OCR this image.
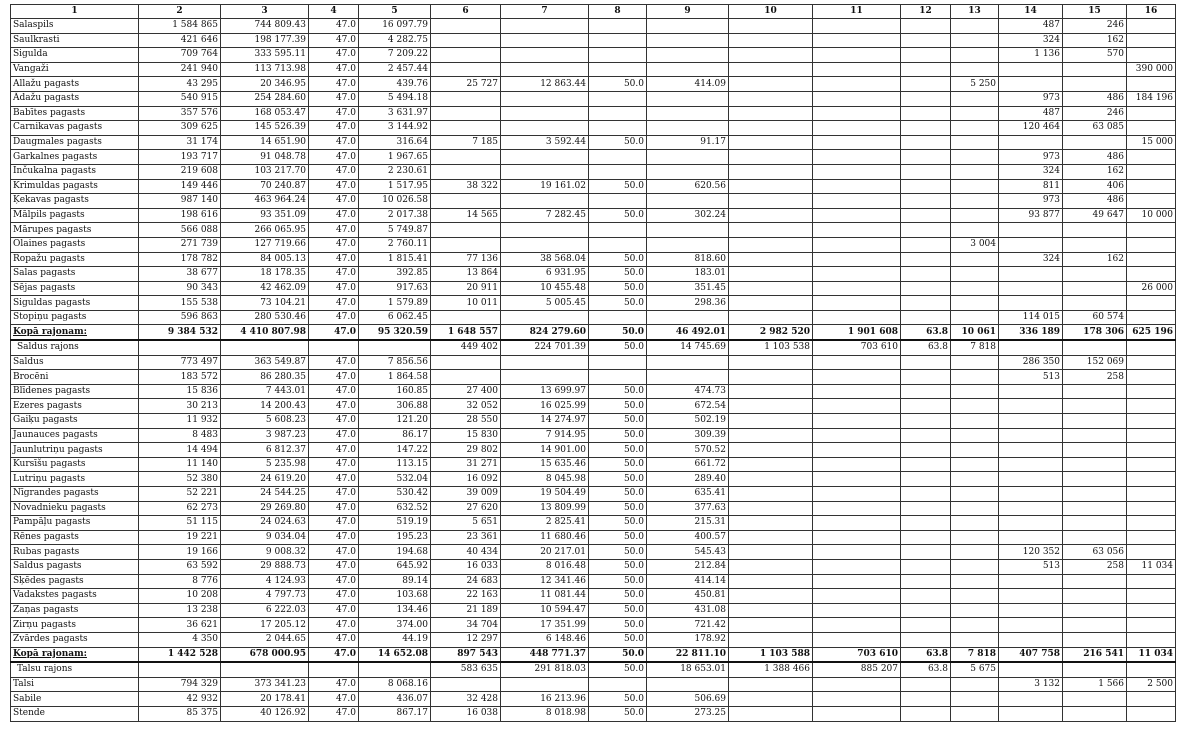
1	2	3	4	5	6	7	8	9	10	11	12	13	14	15	16
Salaspils	1 584 865	744 809.43	47.0	16 097.79									487	246	
Saulkrasti	421 646	198 177.39	47.0	4 282.75									324	162	
Sigulda	709 764	333 595.11	47.0	7 209.22									1 136	570	
Vangaži	241 940	113 713.98	47.0	2 457.44											390 000
Allažu pagasts	43 295	20 346.95	47.0	439.76	25 727	12 863.44	50.0	414.09				5 250			
Ādažu pagasts	540 915	254 284.60	47.0	5 494.18									973	486	184 196
Babītes pagasts	357 576	168 053.47	47.0	3 631.97									487	246	
Carnikavas pagasts	309 625	145 526.39	47.0	3 144.92									120 464	63 085	
Daugmales pagasts	31 174	14 651.90	47.0	316.64	7 185	3 592.44	50.0	91.17							15 000
Garkalnes pagasts	193 717	91 048.78	47.0	1 967.65									973	486	
Inčukalna pagasts	219 608	103 217.70	47.0	2 230.61									324	162	
Krimuldas pagasts	149 446	70 240.87	47.0	1 517.95	38 322	19 161.02	50.0	620.56					811	406	
Ķekavas pagasts	987 140	463 964.24	47.0	10 026.58									973	486	
Mālpils pagasts	198 616	93 351.09	47.0	2 017.38	14 565	7 282.45	50.0	302.24					93 877	49 647	10 000
Mārupes pagasts	566 088	266 065.95	47.0	5 749.87											
Olaines pagasts	271 739	127 719.66	47.0	2 760.11								3 004			
Ropažu pagasts	178 782	84 005.13	47.0	1 815.41	77 136	38 568.04	50.0	818.60					324	162	
Salas pagasts	38 677	18 178.35	47.0	392.85	13 864	6 931.95	50.0	183.01							
Sējas pagasts	90 343	42 462.09	47.0	917.63	20 911	10 455.48	50.0	351.45							26 000
Siguldas pagasts	155 538	73 104.21	47.0	1 579.89	10 011	5 005.45	50.0	298.36							
Stopiņu pagasts	596 863	280 530.46	47.0	6 062.45									114 015	60 574	
Kopā rajonam:	9 384 532	4 410 807.98	47.0	95 320.59	1 648 557	824 279.60	50.0	46 492.01	2 982 520	1 901 608	63.8	10 061	336 189	178 306	625 196
Saldus rajons					449 402	224 701.39	50.0	14 745.69	1 103 538	703 610	63.8	7 818			
Saldus	773 497	363 549.87	47.0	7 856.56									286 350	152 069	
Brocēni	183 572	86 280.35	47.0	1 864.58									513	258	
Blīdenes pagasts	15 836	7 443.01	47.0	160.85	27 400	13 699.97	50.0	474.73							
Ezeres pagasts	30 213	14 200.43	47.0	306.88	32 052	16 025.99	50.0	672.54							
Gaiķu pagasts	11 932	5 608.23	47.0	121.20	28 550	14 274.97	50.0	502.19							
Jaunauces pagasts	8 483	3 987.23	47.0	86.17	15 830	7 914.95	50.0	309.39							
Jaunlutriņu pagasts	14 494	6 812.37	47.0	147.22	29 802	14 901.00	50.0	570.52							
Kursīšu pagasts	11 140	5 235.98	47.0	113.15	31 271	15 635.46	50.0	661.72							
Lutriņu pagasts	52 380	24 619.20	47.0	532.04	16 092	8 045.98	50.0	289.40							
Nīgrandes pagasts	52 221	24 544.25	47.0	530.42	39 009	19 504.49	50.0	635.41							
Novadnieku pagasts	62 273	29 269.80	47.0	632.52	27 620	13 809.99	50.0	377.63							
Pampāļu pagasts	51 115	24 024.63	47.0	519.19	5 651	2 825.41	50.0	215.31							
Rēnes pagasts	19 221	9 034.04	47.0	195.23	23 361	11 680.46	50.0	400.57							
Rubas pagasts	19 166	9 008.32	47.0	194.68	40 434	20 217.01	50.0	545.43					120 352	63 056	
Saldus pagasts	63 592	29 888.73	47.0	645.92	16 033	8 016.48	50.0	212.84					513	258	11 034
Šķēdes pagasts	8 776	4 124.93	47.0	89.14	24 683	12 341.46	50.0	414.14							
Vadakstes pagasts	10 208	4 797.73	47.0	103.68	22 163	11 081.44	50.0	450.81							
Zaņas pagasts	13 238	6 222.03	47.0	134.46	21 189	10 594.47	50.0	431.08							
Zirņu pagasts	36 621	17 205.12	47.0	374.00	34 704	17 351.99	50.0	721.42							
Zvārdes pagasts	4 350	2 044.65	47.0	44.19	12 297	6 148.46	50.0	178.92							
Kopā rajonam:	1 442 528	678 000.95	47.0	14 652.08	897 543	448 771.37	50.0	22 811.10	1 103 588	703 610	63.8	7 818	407 758	216 541	11 034
Talsu rajons					583 635	291 818.03	50.0	18 653.01	1 388 466	885 207	63.8	5 675			
Talsi	794 329	373 341.23	47.0	8 068.16									3 132	1 566	2 500
Sabile	42 932	20 178.41	47.0	436.07	32 428	16 213.96	50.0	506.69							
Stende	85 375	40 126.92	47.0	867.17	16 038	8 018.98	50.0	273.25							
